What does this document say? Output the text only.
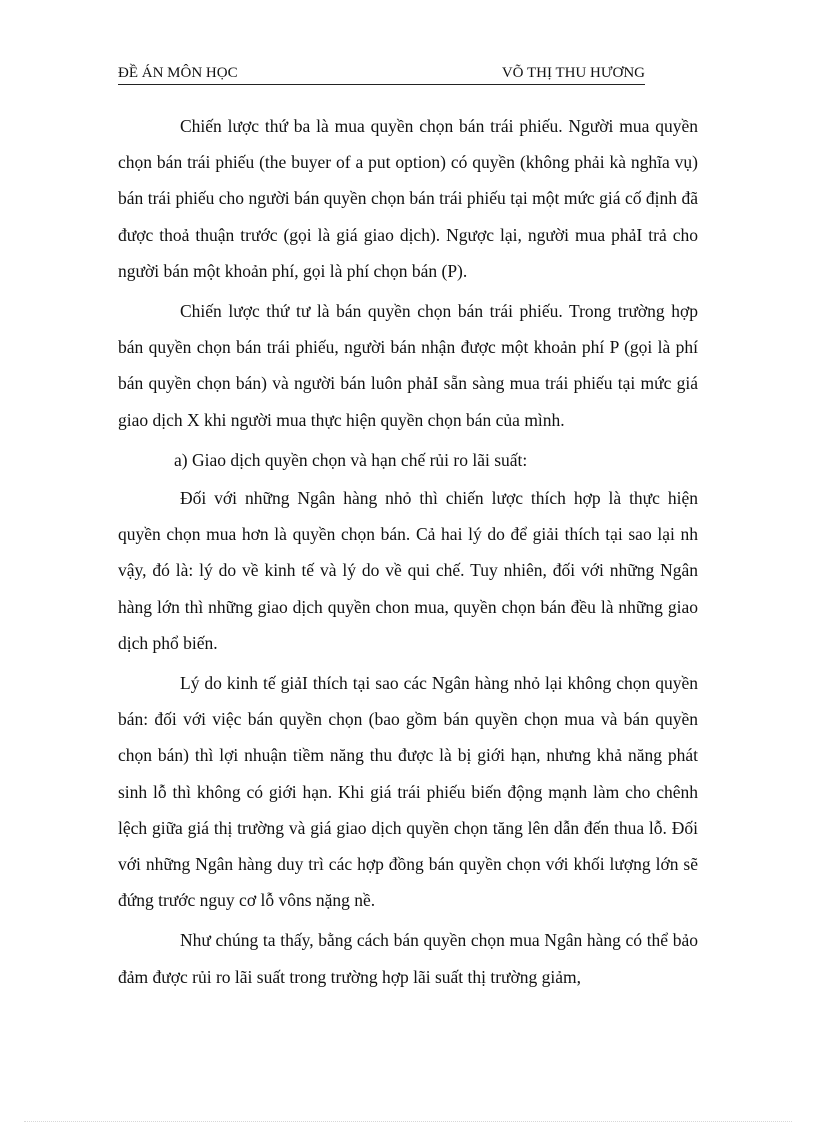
ĐỀ ÁN MÔN HỌC	VÕ THỊ THU HƯƠNG

Chiến lược thứ ba là mua quyền chọn bán trái phiếu. Người mua quyền chọn bán trái phiếu (the buyer of a put option) có quyền (không phải kà nghĩa vụ) bán trái phiếu cho người bán quyền chọn bán trái phiếu tại một mức giá cố định đã được thoả thuận trước (gọi là giá giao dịch). Ngược lại, người mua phảI trả cho người bán một khoản phí, gọi là phí chọn bán (P).

Chiến lược thứ tư là bán quyền chọn bán trái phiếu. Trong trường hợp bán quyền chọn bán trái phiếu, người bán nhận được một khoản phí P (gọi là phí bán quyền chọn bán) và người bán luôn phảI sẵn sàng mua trái phiếu tại mức giá giao dịch X khi người mua thực hiện quyền chọn bán của mình.

a) Giao dịch quyền chọn và hạn chế rủi ro lãi suất:

Đối với những Ngân hàng nhỏ thì chiến lược thích hợp là thực hiện quyền chọn mua hơn là quyền chọn bán. Cả hai lý do để giải thích tại sao lại nh vậy, đó là: lý do về kinh tế và lý do về qui chế. Tuy nhiên, đối với những Ngân hàng lớn thì những giao dịch quyền chon mua, quyền chọn bán đều là những giao dịch phổ biến.

Lý do kinh tế giảI thích tại sao các Ngân hàng nhỏ lại không chọn quyền bán: đối với việc bán quyền chọn (bao gồm bán quyền chọn mua và bán quyền chọn bán) thì lợi nhuận tiềm năng thu được là bị giới hạn, nhưng khả năng phát sinh lỗ thì không có giới hạn. Khi giá trái phiếu biến động mạnh làm cho chênh lệch giữa giá thị trường và giá giao dịch quyền chọn tăng lên dẫn đến thua lỗ. Đối với những Ngân hàng duy trì các hợp đồng bán quyền chọn với khối lượng lớn sẽ đứng trước nguy cơ lỗ vôns nặng nề.

Như chúng ta thấy, bằng cách bán quyền chọn mua Ngân hàng có thể bảo đảm được rủi ro lãi suất trong trường hợp lãi suất thị trường giảm,
